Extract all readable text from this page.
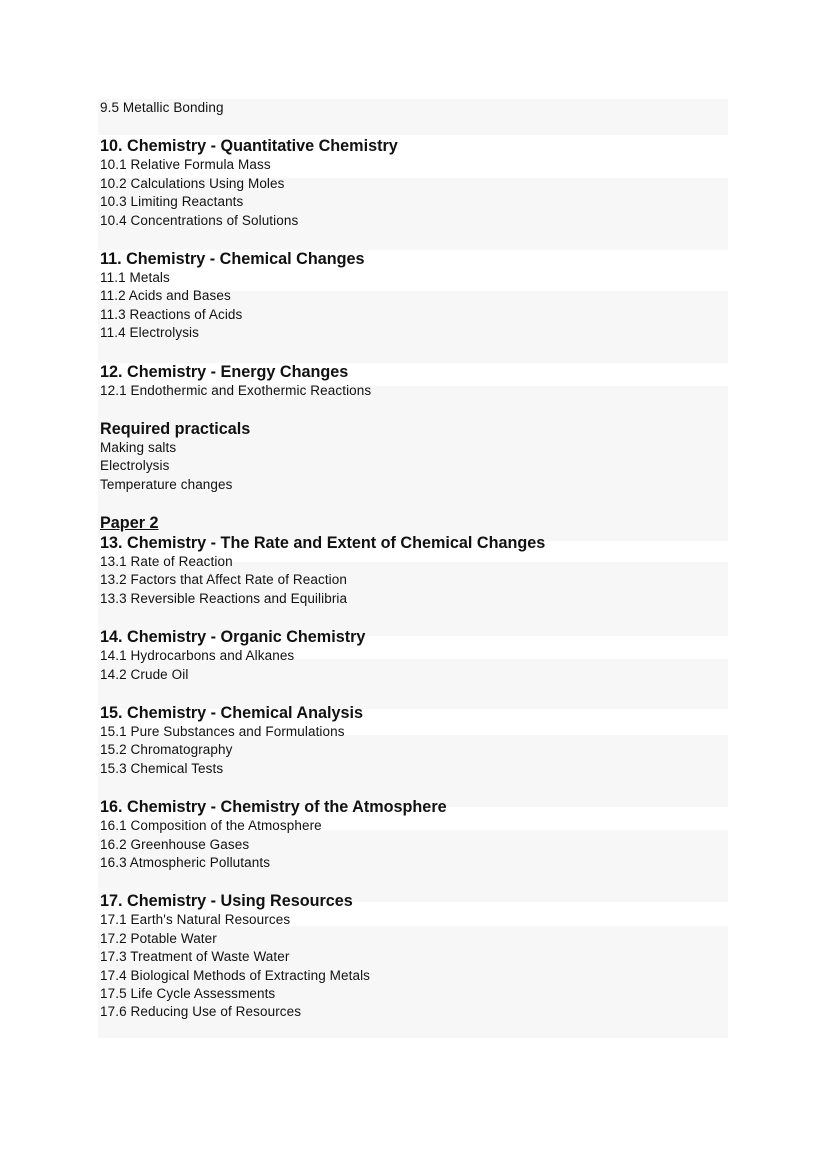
9.5 Metallic Bonding
10. Chemistry - Quantitative Chemistry
10.1 Relative Formula Mass
10.2 Calculations Using Moles
10.3 Limiting Reactants
10.4 Concentrations of Solutions
11. Chemistry - Chemical Changes
11.1 Metals
11.2 Acids and Bases
11.3 Reactions of Acids
11.4 Electrolysis
12. Chemistry - Energy Changes
12.1 Endothermic and Exothermic Reactions
Required practicals
Making salts
Electrolysis
Temperature changes
Paper 2
13. Chemistry - The Rate and Extent of Chemical Changes
13.1 Rate of Reaction
13.2 Factors that Affect Rate of Reaction
13.3 Reversible Reactions and Equilibria
14. Chemistry - Organic Chemistry
14.1 Hydrocarbons and Alkanes
14.2 Crude Oil
15. Chemistry - Chemical Analysis
15.1 Pure Substances and Formulations
15.2 Chromatography
15.3 Chemical Tests
16. Chemistry - Chemistry of the Atmosphere
16.1 Composition of the Atmosphere
16.2 Greenhouse Gases
16.3 Atmospheric Pollutants
17. Chemistry - Using Resources
17.1 Earth's Natural Resources
17.2 Potable Water
17.3 Treatment of Waste Water
17.4 Biological Methods of Extracting Metals
17.5 Life Cycle Assessments
17.6 Reducing Use of Resources
